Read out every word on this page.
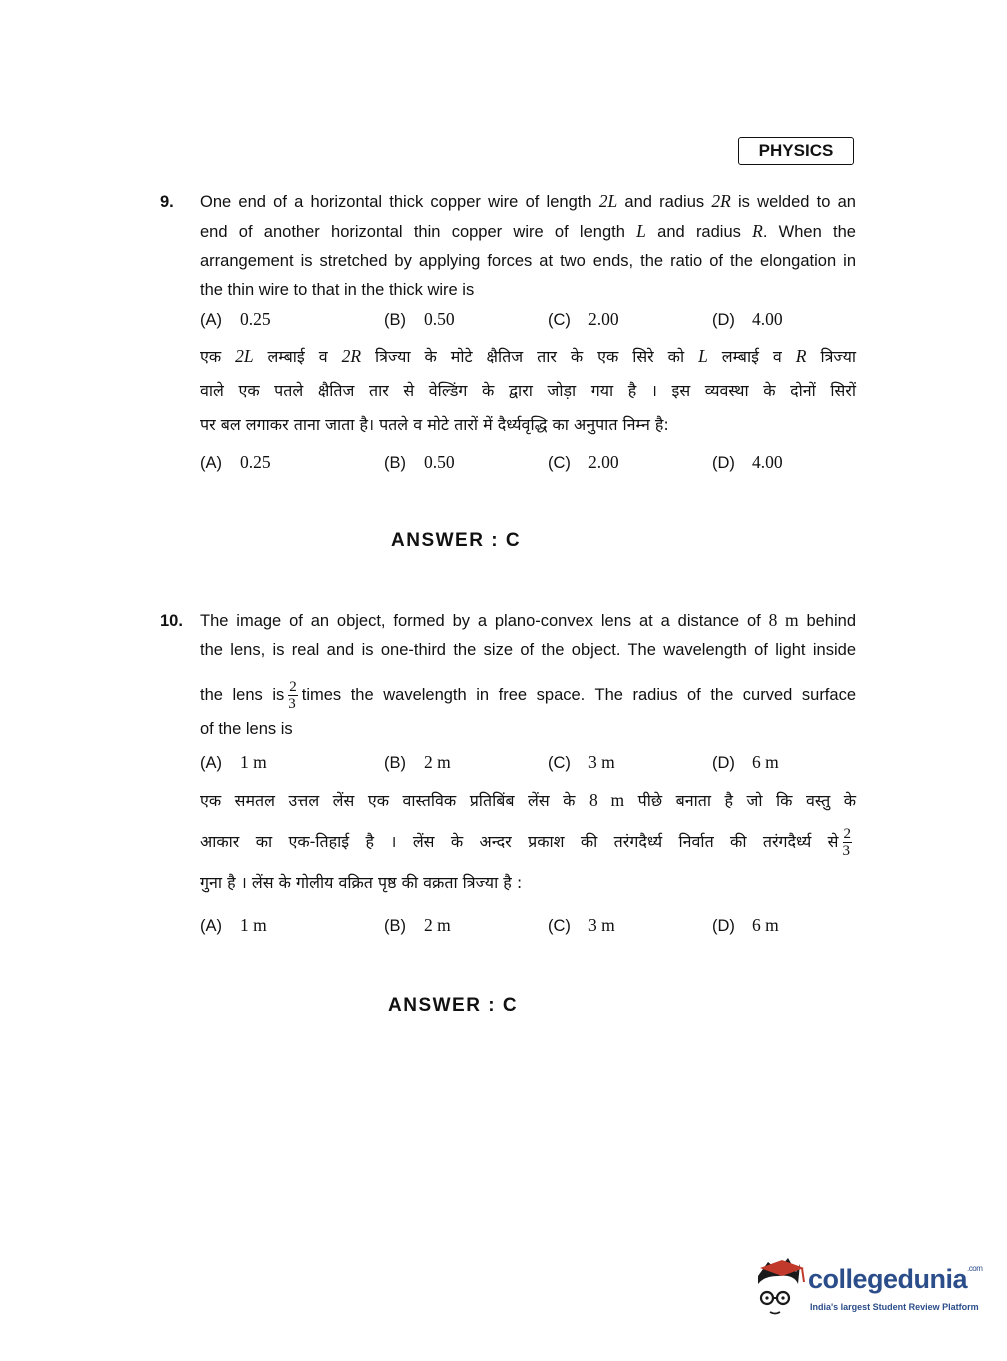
PHYSICS
9. One end of a horizontal thick copper wire of length 2L and radius 2R is welded to an
end of another horizontal thin copper wire of length L and radius R. When the
arrangement is stretched by applying forces at two ends, the ratio of the elongation in
the thin wire to that in the thick wire is
(A) 0.25	(B) 0.50	(C) 2.00	(D) 4.00
एक 2L लम्बाई व 2R त्रिज्या के मोटे क्षैतिज तार के एक सिरे को L लम्बाई व R त्रिज्या
वाले एक पतले क्षैतिज तार से वेल्डिंग के द्वारा जोड़ा गया है । इस व्यवस्था के दोनों सिरों
पर बल लगाकर ताना जाता है। पतले व मोटे तारों में दैर्ध्यवृद्धि का अनुपात निम्न है:
(A) 0.25	(B) 0.50	(C) 2.00	(D) 4.00
ANSWER : C
10. The image of an object, formed by a plano-convex lens at a distance of 8 m behind
the lens, is real and is one-third the size of the object. The wavelength of light inside
the lens is $\frac{2}{3}$ times the wavelength in free space. The radius of the curved surface
of the lens is
(A) 1 m	(B) 2 m	(C) 3 m	(D) 6 m
एक समतल उत्तल लेंस एक वास्तविक प्रतिबिंब लेंस के 8 m पीछे बनाता है जो कि वस्तु के
आकार का एक-तिहाई है । लेंस के अन्दर प्रकाश की तरंगदैर्ध्य निर्वात की तरंगदैर्ध्य से $\frac{2}{3}$
गुना है । लेंस के गोलीय वक्रित पृष्ठ की वक्रता त्रिज्या है :
(A) 1 m	(B) 2 m	(C) 3 m	(D) 6 m
ANSWER : C
collegedunia$^{.com}$
India's largest Student Review Platform
